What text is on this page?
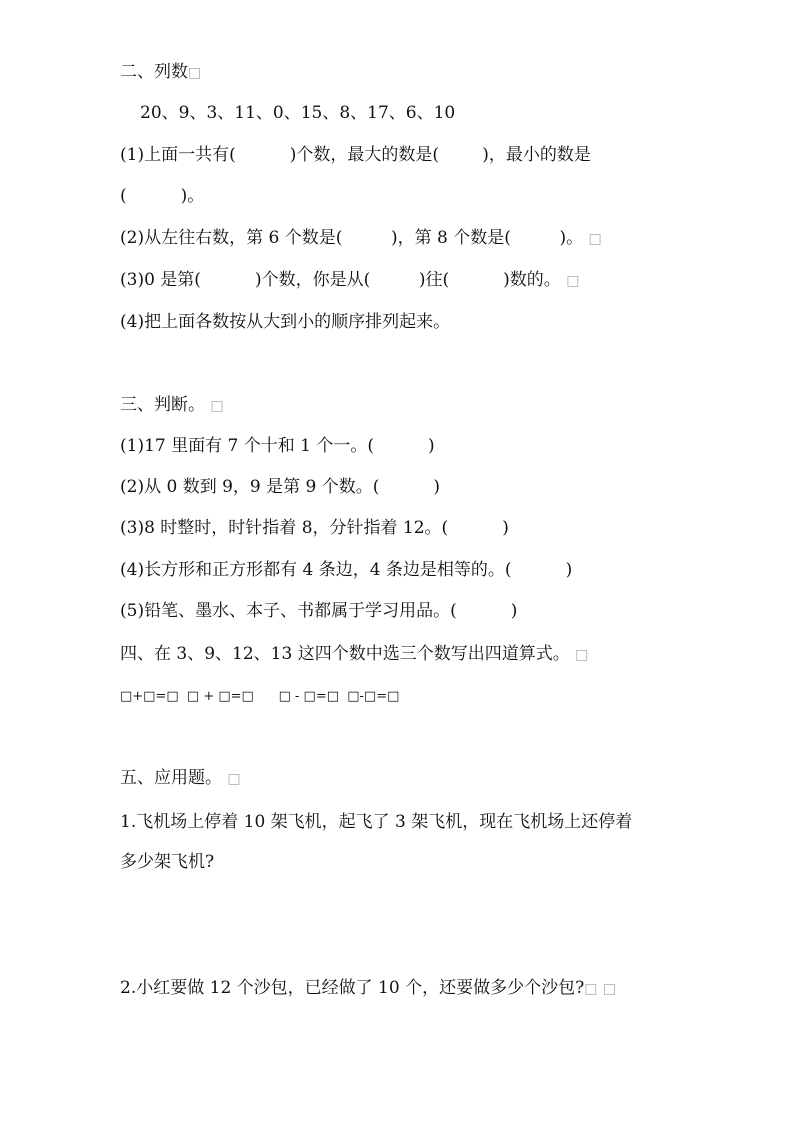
二、列数□
20、9、3、11、0、15、8、17、6、10
(1)上面一共有(          )个数，最大的数是(        )，最小的数是
(          )。
(2)从左往右数，第 6 个数是(         )，第 8 个数是(         )。 □
(3)0 是第(          )个数，你是从(         )往(          )数的。 □
(4)把上面各数按从大到小的顺序排列起来。
三、判断。 □
(1)17 里面有 7 个十和 1 个一。(          )
(2)从 0 数到 9，9 是第 9 个数。(          )
(3)8 时整时，时针指着 8，分针指着 12。(          )
(4)长方形和正方形都有 4 条边，4 条边是相等的。(          )
(5)铅笔、墨水、本子、书都属于学习用品。(          )
四、在 3、9、12、13 这四个数中选三个数写出四道算式。 □
□+□=□  □ + □=□      □ - □=□  □-□=□
五、应用题。 □
1.飞机场上停着 10 架飞机，起飞了 3 架飞机，现在飞机场上还停着
多少架飞机?
2.小红要做 12 个沙包，已经做了 10 个，还要做多少个沙包?□ □
